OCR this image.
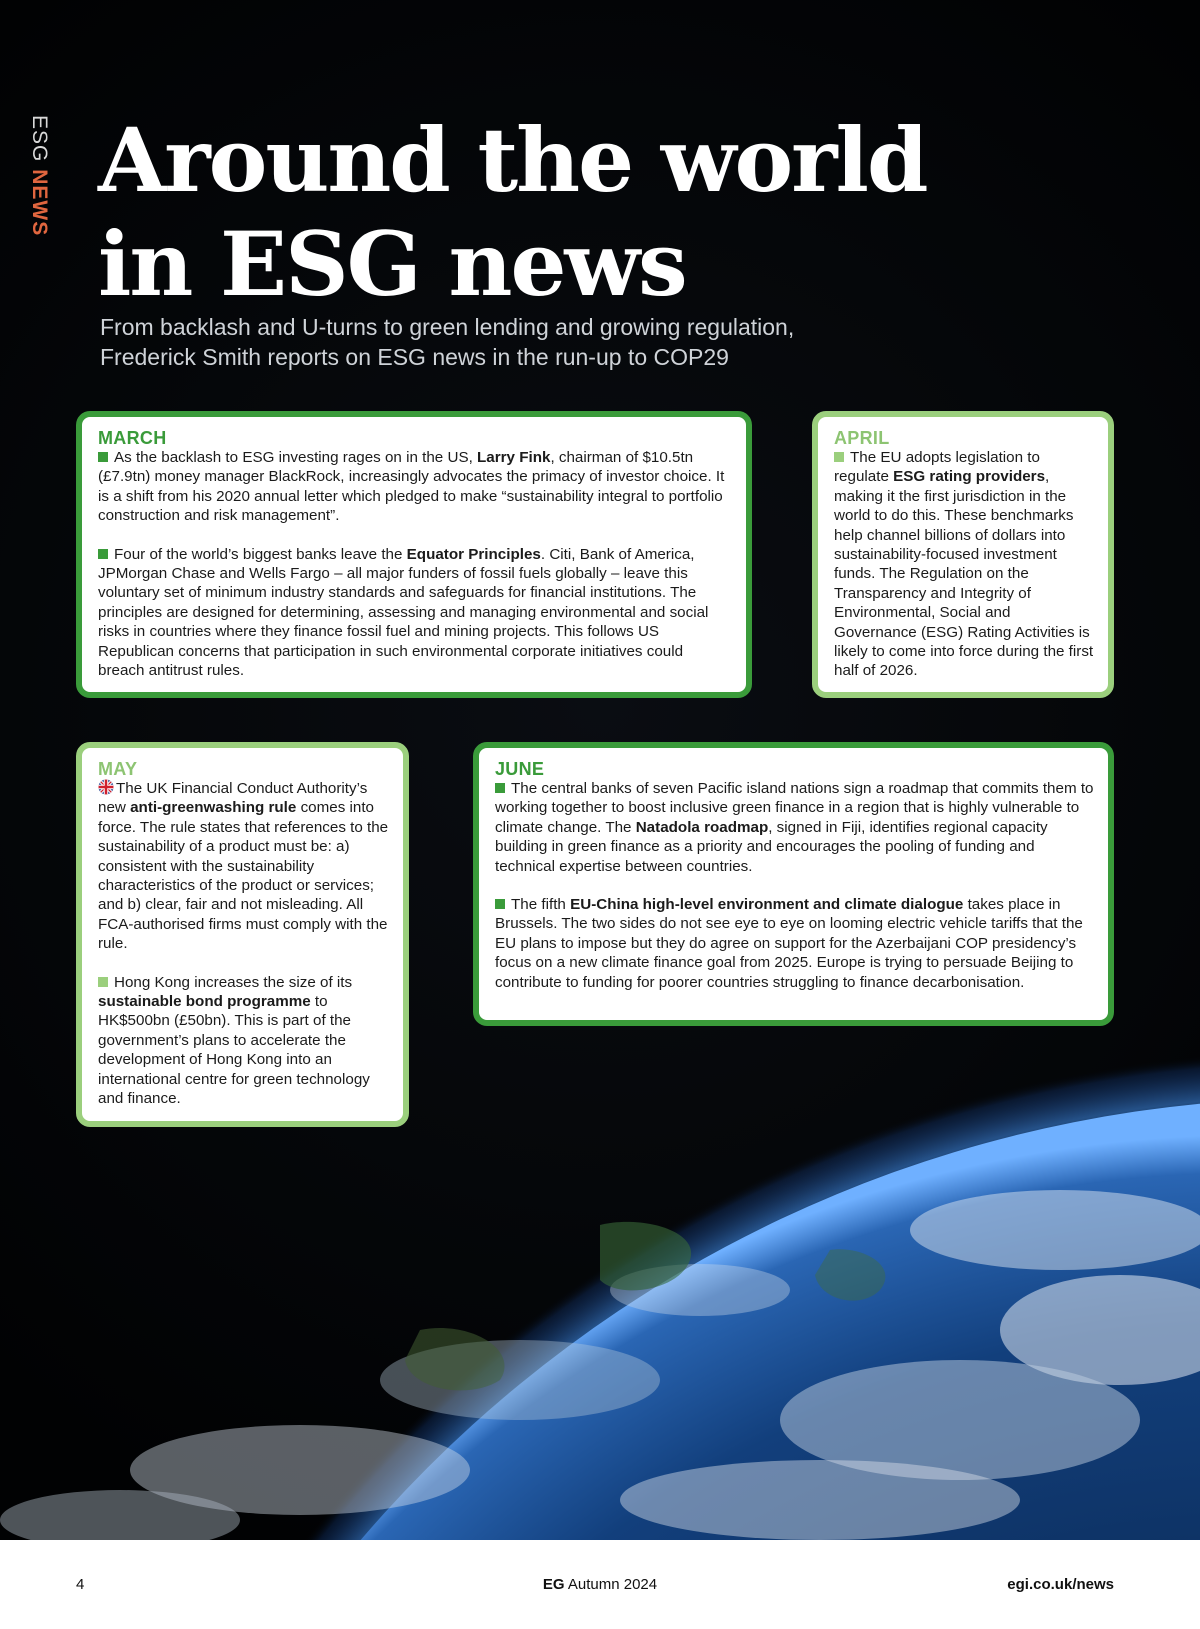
ESG NEWS Around the world
in ESG news
From backlash and U-turns to green lending and growing regulation,
Frederick Smith reports on ESG news in the run-up to COP29
MARCH

As the backlash to ESG investing rages on in the US, Larry Fink, chairman of $10.5tn (£7.9tn) money manager BlackRock, increasingly advocates the primacy of investor choice. It is a shift from his 2020 annual letter which pledged to make “sustainability integral to portfolio construction and risk management”.

Four of the world’s biggest banks leave the Equator Principles. Citi, Bank of America, JPMorgan Chase and Wells Fargo – all major funders of fossil fuels globally – leave this voluntary set of minimum industry standards and safeguards for financial institutions. The principles are designed for determining, assessing and managing environmental and social risks in countries where they finance fossil fuel and mining projects. This follows US Republican concerns that participation in such environmental corporate initiatives could breach antitrust rules.

APRIL

The EU adopts legislation to regulate ESG rating providers, making it the first jurisdiction in the world to do this. These benchmarks help channel billions of dollars into sustainability-focused investment funds. The Regulation on the Transparency and Integrity of Environmental, Social and Governance (ESG) Rating Activities is likely to come into force during the first half of 2026.

MAY

The UK Financial Conduct Authority’s new anti-greenwashing rule comes into force. The rule states that references to the sustainability of a product must be: a) consistent with the sustainability characteristics of the product or services; and b) clear, fair and not misleading. All FCA-authorised firms must comply with the rule.

Hong Kong increases the size of its sustainable bond programme to HK$500bn (£50bn). This is part of the government’s plans to accelerate the development of Hong Kong into an international centre for green technology and finance.

JUNE

The central banks of seven Pacific island nations sign a roadmap that commits them to working together to boost inclusive green finance in a region that is highly vulnerable to climate change. The Natadola roadmap, signed in Fiji, identifies regional capacity building in green finance as a priority and encourages the pooling of funding and technical expertise between countries.

The fifth EU-China high-level environment and climate dialogue takes place in Brussels. The two sides do not see eye to eye on looming electric vehicle tariffs that the EU plans to impose but they do agree on support for the Azerbaijani COP presidency’s focus on a new climate finance goal from 2025. Europe is trying to persuade Beijing to contribute to funding for poorer countries struggling to finance decarbonisation.

4	EG Autumn 2024	egi.co.uk/news
